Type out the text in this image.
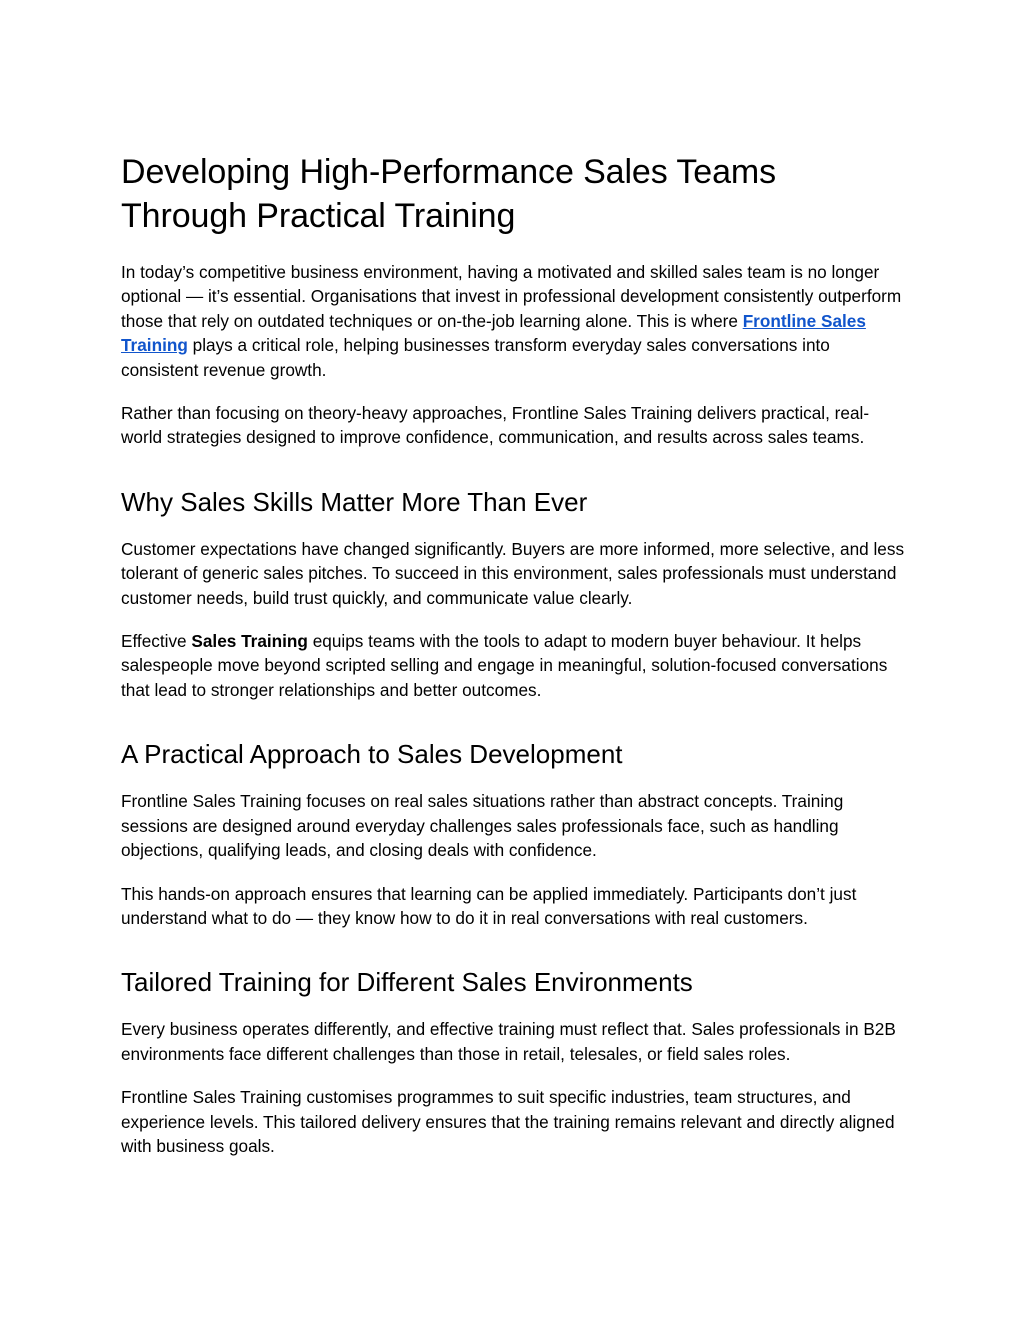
Developing High-Performance Sales Teams Through Practical Training

In today’s competitive business environment, having a motivated and skilled sales team is no longer optional — it’s essential. Organisations that invest in professional development consistently outperform those that rely on outdated techniques or on-the-job learning alone. This is where Frontline Sales Training plays a critical role, helping businesses transform everyday sales conversations into consistent revenue growth.

Rather than focusing on theory-heavy approaches, Frontline Sales Training delivers practical, real-world strategies designed to improve confidence, communication, and results across sales teams.

Why Sales Skills Matter More Than Ever

Customer expectations have changed significantly. Buyers are more informed, more selective, and less tolerant of generic sales pitches. To succeed in this environment, sales professionals must understand customer needs, build trust quickly, and communicate value clearly.

Effective Sales Training equips teams with the tools to adapt to modern buyer behaviour. It helps salespeople move beyond scripted selling and engage in meaningful, solution-focused conversations that lead to stronger relationships and better outcomes.

A Practical Approach to Sales Development

Frontline Sales Training focuses on real sales situations rather than abstract concepts. Training sessions are designed around everyday challenges sales professionals face, such as handling objections, qualifying leads, and closing deals with confidence.

This hands-on approach ensures that learning can be applied immediately. Participants don’t just understand what to do — they know how to do it in real conversations with real customers.

Tailored Training for Different Sales Environments

Every business operates differently, and effective training must reflect that. Sales professionals in B2B environments face different challenges than those in retail, telesales, or field sales roles.

Frontline Sales Training customises programmes to suit specific industries, team structures, and experience levels. This tailored delivery ensures that the training remains relevant and directly aligned with business goals.
